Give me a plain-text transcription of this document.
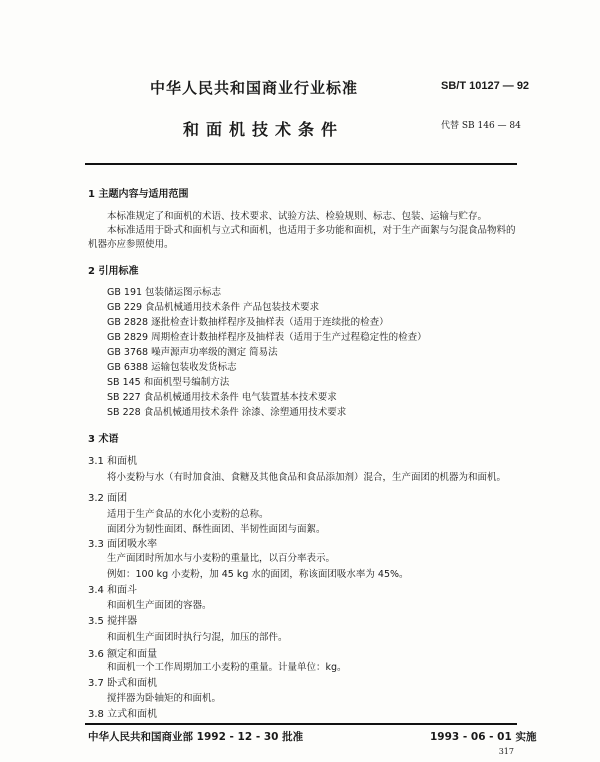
中华人民共和国商业行业标准	SB/T 10127 — 92
和面机技术条件	代替 SB 146 — 84
1 主题内容与适用范围
本标准规定了和面机的术语、技术要求、试验方法、检验规则、标志、包装、运输与贮存。
本标准适用于卧式和面机与立式和面机，也适用于多功能和面机，对于生产面絮与匀混食品物料的
机器亦应参照使用。
2 引用标准
GB 191 包装储运图示标志
GB 229 食品机械通用技术条件 产品包装技术要求
GB 2828 逐批检查计数抽样程序及抽样表（适用于连续批的检查）
GB 2829 周期检查计数抽样程序及抽样表（适用于生产过程稳定性的检查）
GB 3768 噪声源声功率级的测定 简易法
GB 6388 运输包装收发货标志
SB 145 和面机型号编制方法
SB 227 食品机械通用技术条件 电气装置基本技术要求
SB 228 食品机械通用技术条件 涂漆、涂塑通用技术要求
3 术语
3.1 和面机
将小麦粉与水（有时加食油、食糖及其他食品和食品添加剂）混合，生产面团的机器为和面机。
3.2 面团
适用于生产食品的水化小麦粉的总称。
面团分为韧性面团、酥性面团、半韧性面团与面絮。
3.3 面团吸水率
生产面团时所加水与小麦粉的重量比，以百分率表示。
例如：100 kg 小麦粉，加 45 kg 水的面团，称该面团吸水率为 45%。
3.4 和面斗
和面机生产面团的容器。
3.5 搅拌器
和面机生产面团时执行匀混，加压的部件。
3.6 额定和面量
和面机一个工作周期加工小麦粉的重量。计量单位：kg。
3.7 卧式和面机
搅拌器为卧轴矩的和面机。
3.8 立式和面机
中华人民共和国商业部 1992 - 12 - 30 批准	1993 - 06 - 01 实施
317
